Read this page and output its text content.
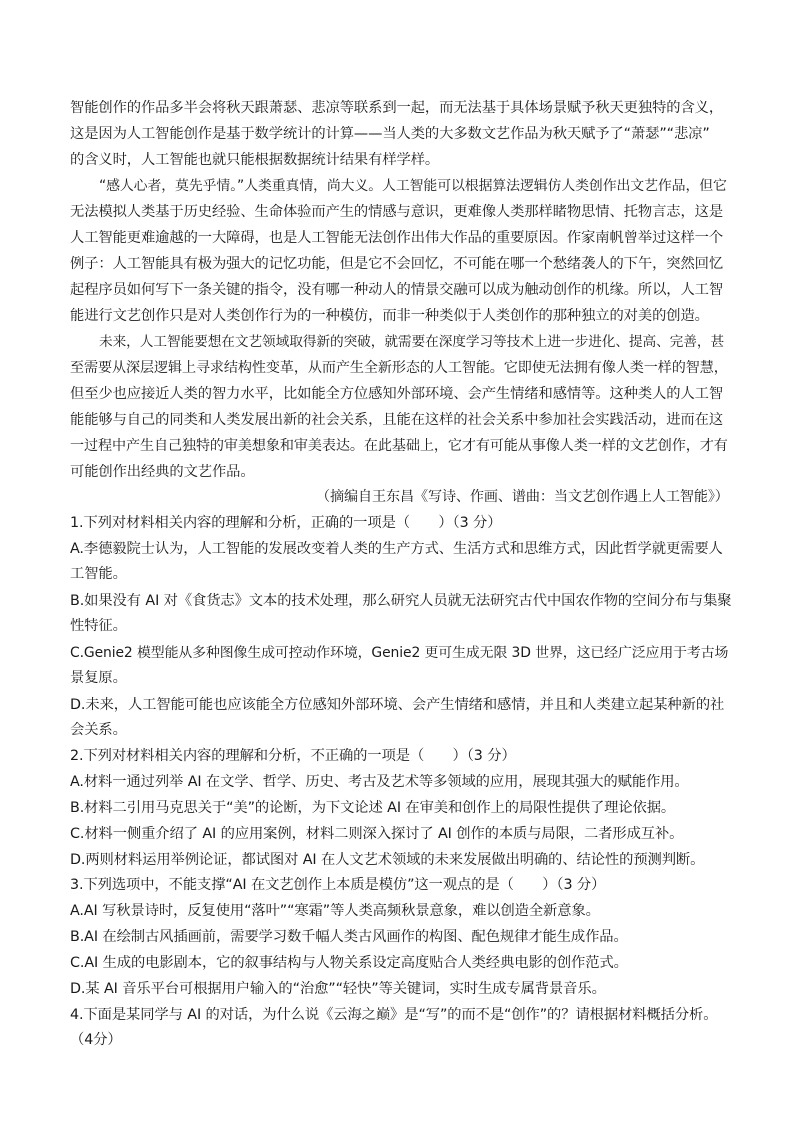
智能创作的作品多半会将秋天跟萧瑟、悲凉等联系到一起，而无法基于具体场景赋予秋天更独特的含义，
这是因为人工智能创作是基于数学统计的计算——当人类的大多数文艺作品为秋天赋予了“萧瑟”“悲凉”
的含义时，人工智能也就只能根据数据统计结果有样学样。
“感人心者，莫先乎情。”人类重真情，尚大义。人工智能可以根据算法逻辑仿人类创作出文艺作品，但它
无法模拟人类基于历史经验、生命体验而产生的情感与意识，更难像人类那样睹物思情、托物言志，这是
人工智能更难逾越的一大障碍，也是人工智能无法创作出伟大作品的重要原因。作家南帆曾举过这样一个
例子：人工智能具有极为强大的记忆功能，但是它不会回忆，不可能在哪一个愁绪袭人的下午，突然回忆
起程序员如何写下一条关键的指令，没有哪一种动人的情景交融可以成为触动创作的机缘。所以，人工智
能进行文艺创作只是对人类创作行为的一种模仿，而非一种类似于人类创作的那种独立的对美的创造。
未来，人工智能要想在文艺领域取得新的突破，就需要在深度学习等技术上进一步进化、提高、完善，甚
至需要从深层逻辑上寻求结构性变革，从而产生全新形态的人工智能。它即使无法拥有像人类一样的智慧，
但至少也应接近人类的智力水平，比如能全方位感知外部环境、会产生情绪和感情等。这种类人的人工智
能能够与自己的同类和人类发展出新的社会关系，且能在这样的社会关系中参加社会实践活动，进而在这
一过程中产生自己独特的审美想象和审美表达。在此基础上，它才有可能从事像人类一样的文艺创作，才有
可能创作出经典的文艺作品。
（摘编自王东昌《写诗、作画、谱曲：当文艺创作遇上人工智能》）
1.下列对材料相关内容的理解和分析，正确的一项是（　　）（3 分）
A.李德毅院士认为，人工智能的发展改变着人类的生产方式、生活方式和思维方式，因此哲学就更需要人
工智能。
B.如果没有 AI 对《食货志》文本的技术处理，那么研究人员就无法研究古代中国农作物的空间分布与集聚
性特征。
C.Genie2 模型能从多种图像生成可控动作环境，Genie2 更可生成无限 3D 世界，这已经广泛应用于考古场
景复原。
D.未来，人工智能可能也应该能全方位感知外部环境、会产生情绪和感情，并且和人类建立起某种新的社
会关系。
2.下列对材料相关内容的理解和分析，不正确的一项是（　　）（3 分）
A.材料一通过列举 AI 在文学、哲学、历史、考古及艺术等多领域的应用，展现其强大的赋能作用。
B.材料二引用马克思关于“美”的论断，为下文论述 AI 在审美和创作上的局限性提供了理论依据。
C.材料一侧重介绍了 AI 的应用案例，材料二则深入探讨了 AI 创作的本质与局限，二者形成互补。
D.两则材料运用举例论证，都试图对 AI 在人文艺术领域的未来发展做出明确的、结论性的预测判断。
3.下列选项中，不能支撑“AI 在文艺创作上本质是模仿”这一观点的是（　　）（3 分）
A.AI 写秋景诗时，反复使用“落叶”“寒霜”等人类高频秋景意象，难以创造全新意象。
B.AI 在绘制古风插画前，需要学习数千幅人类古风画作的构图、配色规律才能生成作品。
C.AI 生成的电影剧本，它的叙事结构与人物关系设定高度贴合人类经典电影的创作范式。
D.某 AI 音乐平台可根据用户输入的“治愈”“轻快”等关键词，实时生成专属背景音乐。
4.下面是某同学与 AI 的对话，为什么说《云海之巅》是“写”的而不是“创作”的？请根据材料概括分析。
（4分）
